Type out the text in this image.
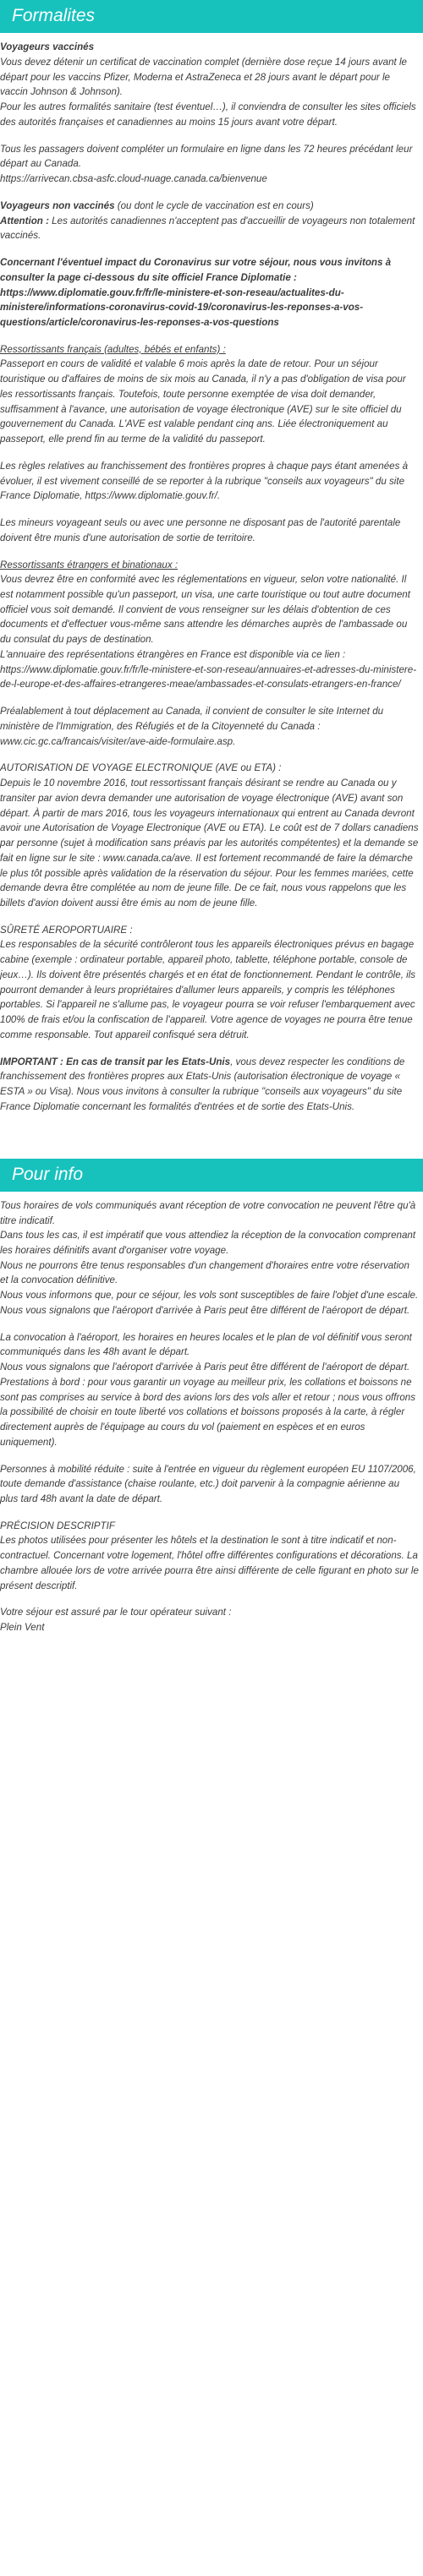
Formalites

Voyageurs vaccinés
Vous devez détenir un certificat de vaccination complet (dernière dose reçue 14 jours avant le départ pour les vaccins Pfizer, Moderna et AstraZeneca et 28 jours avant le départ pour le vaccin Johnson & Johnson).
Pour les autres formalités sanitaire (test éventuel…), il conviendra de consulter les sites officiels des autorités françaises et canadiennes au moins 15 jours avant votre départ.

Tous les passagers doivent compléter un formulaire en ligne dans les 72 heures précédant leur départ au Canada.
https://arrivecan.cbsa-asfc.cloud-nuage.canada.ca/bienvenue

Voyageurs non vaccinés (ou dont le cycle de vaccination est en cours)
Attention : Les autorités canadiennes n'acceptent pas d'accueillir de voyageurs non totalement vaccinés.

Concernant l'éventuel impact du Coronavirus sur votre séjour, nous vous invitons à consulter la page ci-dessous du site officiel France Diplomatie : https://www.diplomatie.gouv.fr/fr/le-ministere-et-son-reseau/actualites-du-ministere/informations-coronavirus-covid-19/coronavirus-les-reponses-a-vos-questions/article/coronavirus-les-reponses-a-vos-questions

Ressortissants français (adultes, bébés et enfants) :
Passeport en cours de validité et valable 6 mois après la date de retour. Pour un séjour touristique ou d'affaires de moins de six mois au Canada, il n'y a pas d'obligation de visa pour les ressortissants français. Toutefois, toute personne exemptée de visa doit demander, suffisamment à l'avance, une autorisation de voyage électronique (AVE) sur le site officiel du gouvernement du Canada. L'AVE est valable pendant cinq ans. Liée électroniquement au passeport, elle prend fin au terme de la validité du passeport.

Les règles relatives au franchissement des frontières propres à chaque pays étant amenées à évoluer, il est vivement conseillé de se reporter à la rubrique "conseils aux voyageurs" du site France Diplomatie, https://www.diplomatie.gouv.fr/.

Les mineurs voyageant seuls ou avec une personne ne disposant pas de l'autorité parentale doivent être munis d'une autorisation de sortie de territoire.

Ressortissants étrangers et binationaux :
Vous devrez être en conformité avec les réglementations en vigueur, selon votre nationalité. Il est notamment possible qu'un passeport, un visa, une carte touristique ou tout autre document officiel vous soit demandé. Il convient de vous renseigner sur les délais d'obtention de ces documents et d'effectuer vous-même sans attendre les démarches auprès de l'ambassade ou du consulat du pays de destination.
L'annuaire des représentations étrangères en France est disponible via ce lien : https://www.diplomatie.gouv.fr/fr/le-ministere-et-son-reseau/annuaires-et-adresses-du-ministere-de-l-europe-et-des-affaires-etrangeres-meae/ambassades-et-consulats-etrangers-en-france/

Préalablement à tout déplacement au Canada, il convient de consulter le site Internet du ministère de l'Immigration, des Réfugiés et de la Citoyenneté du Canada : www.cic.gc.ca/francais/visiter/ave-aide-formulaire.asp.

AUTORISATION DE VOYAGE ELECTRONIQUE (AVE ou ETA) :
Depuis le 10 novembre 2016, tout ressortissant français désirant se rendre au Canada ou y transiter par avion devra demander une autorisation de voyage électronique (AVE) avant son départ. À partir de mars 2016, tous les voyageurs internationaux qui entrent au Canada devront avoir une Autorisation de Voyage Electronique (AVE ou ETA). Le coût est de 7 dollars canadiens par personne (sujet à modification sans préavis par les autorités compétentes) et la demande se fait en ligne sur le site : www.canada.ca/ave. Il est fortement recommandé de faire la démarche le plus tôt possible après validation de la réservation du séjour. Pour les femmes mariées, cette demande devra être complétée au nom de jeune fille. De ce fait, nous vous rappelons que les billets d'avion doivent aussi être émis au nom de jeune fille.

SÛRETÉ AEROPORTUAIRE :
Les responsables de la sécurité contrôleront tous les appareils électroniques prévus en bagage cabine (exemple : ordinateur portable, appareil photo, tablette, téléphone portable, console de jeux…). Ils doivent être présentés chargés et en état de fonctionnement. Pendant le contrôle, ils pourront demander à leurs propriétaires d'allumer leurs appareils, y compris les téléphones portables. Si l'appareil ne s'allume pas, le voyageur pourra se voir refuser l'embarquement avec 100% de frais et/ou la confiscation de l'appareil. Votre agence de voyages ne pourra être tenue comme responsable. Tout appareil confisqué sera détruit.

IMPORTANT : En cas de transit par les Etats-Unis, vous devez respecter les conditions de franchissement des frontières propres aux Etats-Unis (autorisation électronique de voyage « ESTA » ou Visa). Nous vous invitons à consulter la rubrique "conseils aux voyageurs" du site France Diplomatie concernant les formalités d'entrées et de sortie des Etats-Unis.

Pour info

Tous horaires de vols communiqués avant réception de votre convocation ne peuvent l'être qu'à titre indicatif.
Dans tous les cas, il est impératif que vous attendiez la réception de la convocation comprenant les horaires définitifs avant d'organiser votre voyage.
Nous ne pourrons être tenus responsables d'un changement d'horaires entre votre réservation et la convocation définitive.
Nous vous informons que, pour ce séjour, les vols sont susceptibles de faire l'objet d'une escale.
Nous vous signalons que l'aéroport d'arrivée à Paris peut être différent de l'aéroport de départ.

La convocation à l'aéroport, les horaires en heures locales et le plan de vol définitif vous seront communiqués dans les 48h avant le départ.
Nous vous signalons que l'aéroport d'arrivée à Paris peut être différent de l'aéroport de départ.
Prestations à bord : pour vous garantir un voyage au meilleur prix, les collations et boissons ne sont pas comprises au service à bord des avions lors des vols aller et retour ; nous vous offrons la possibilité de choisir en toute liberté vos collations et boissons proposés à la carte, à régler directement auprès de l'équipage au cours du vol (paiement en espèces et en euros uniquement).

Personnes à mobilité réduite : suite à l'entrée en vigueur du règlement européen EU 1107/2006, toute demande d'assistance (chaise roulante, etc.) doit parvenir à la compagnie aérienne au plus tard 48h avant la date de départ.

PRÉCISION DESCRIPTIF
Les photos utilisées pour présenter les hôtels et la destination le sont à titre indicatif et non-contractuel. Concernant votre logement, l'hôtel offre différentes configurations et décorations. La chambre allouée lors de votre arrivée pourra être ainsi différente de celle figurant en photo sur le présent descriptif.

Votre séjour est assuré par le tour opérateur suivant :
Plein Vent
